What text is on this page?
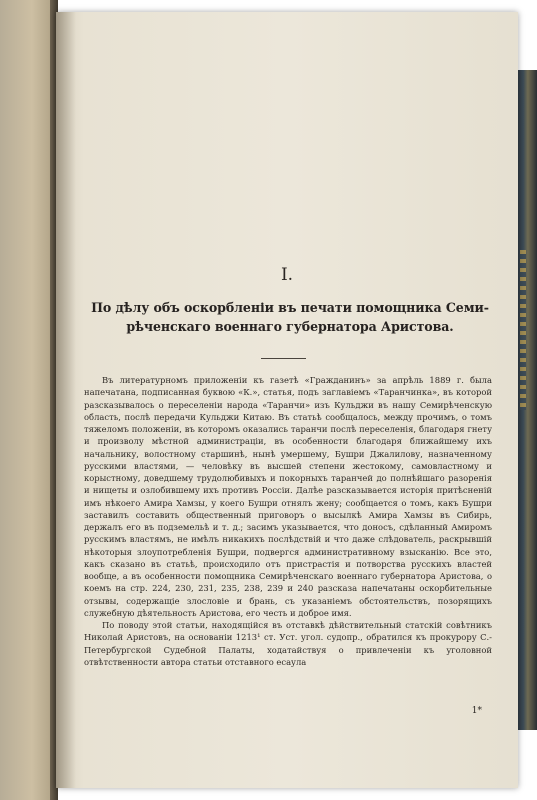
I.
По дѣлу объ оскорбленіи въ печати помощника Семи-
рѣченскаго военнаго губернатора Аристова.

Въ литературномъ приложеніи къ газетѣ «Гражданинъ» за апрѣль 1889 г. была напечатана, подписанная буквою «К.», статья, подъ заглавіемъ «Таранчинка», въ которой разсказывалось о переселеніи народа «Таранчи» изъ Кульджи въ нашу Семирѣченскую область, послѣ передачи Кульджи Китаю. Въ статьѣ сообщалось, между прочимъ, о томъ тяжеломъ положеніи, въ которомъ оказались таранчи послѣ переселенія, благодаря гнету и произволу мѣстной администраціи, въ особенности благодаря ближайшему ихъ начальнику, волостному старшинѣ, нынѣ умершему, Бушри Джалилову, назначенному русскими властями, — человѣку въ высшей степени жестокому, самовластному и корыстному, доведшему трудолюбивыхъ и покорныхъ таранчей до полнѣйшаго разоренія и нищеты и озлобившему ихъ противъ Россіи. Далѣе разсказывается исторія притѣсненій имъ нѣкоего Амира Хамзы, у коего Бушри отнялъ жену; сообщается о томъ, какъ Бушри заставилъ составить общественный приговоръ о высылкѣ Амира Хамзы въ Сибирь, держалъ его въ подземельѣ и т. д.; засимъ указывается, что доносъ, сдѣланный Амиромъ русскимъ властямъ, не имѣлъ никакихъ послѣдствій и что даже слѣдователь, раскрывшій нѣкоторыя злоупотребленія Бушри, подвергся административному взысканію. Все это, какъ сказано въ статьѣ, происходило отъ пристрастія и потворства русскихъ властей вообще, а въ особенности помощника Семирѣченскаго военнаго губернатора Аристова, о коемъ на стр. 224, 230, 231, 235, 238, 239 и 240 разсказа напечатаны оскорбительные отзывы, содержащіе злословіе и брань, съ указаніемъ обстоятельствъ, позорящихъ служебную дѣятельность Аристова, его честь и доброе имя.

По поводу этой статьи, находящійся въ отставкѣ дѣйствительный статскій совѣтникъ Николай Аристовъ, на основаніи 1213¹ ст. Уст. угол. судопр., обратился къ прокурору С.-Петербургской Судебной Палаты, ходатайствуя о привлеченіи къ уголовной отвѣтственности автора статьи отставного есаула

1*
